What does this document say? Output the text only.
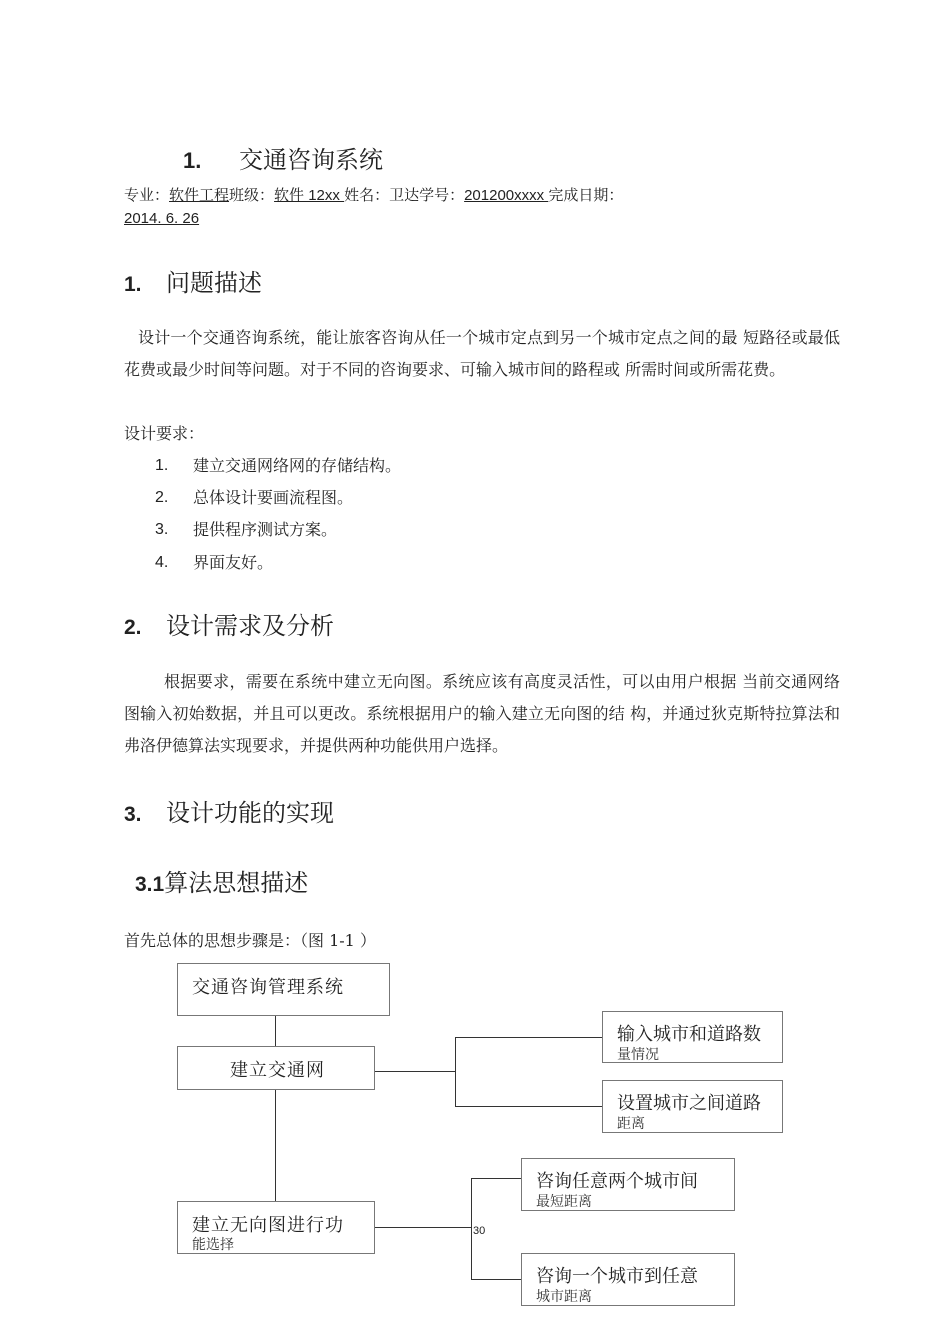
1.	交通咨询系统
专业：软件工程班级：软件 12xx 姓名：卫达学号：201200xxxx 完成日期：
2014. 6. 26
1.	问题描述
设计一个交通咨询系统，能让旅客咨询从任一个城市定点到另一个城市定点之间的最 短路径或最低花费或最少时间等问题。对于不同的咨询要求、可输入城市间的路程或 所需时间或所需花费。
设计要求：
1.	建立交通网络网的存储结构。
2.	总体设计要画流程图。
3.	提供程序测试方案。
4.	界面友好。
2.	设计需求及分析
根据要求，需要在系统中建立无向图。系统应该有高度灵活性，可以由用户根据 当前交通网络图输入初始数据，并且可以更改。系统根据用户的输入建立无向图的结 构，并通过狄克斯特拉算法和弗洛伊德算法实现要求，并提供两种功能供用户选择。
3.	设计功能的实现
3.1算法思想描述
首先总体的思想步骤是：（图 1-1 ）
30
交通咨询管理系统
建立交通网
输入城市和道路数
量情况
设置城市之间道路
距离
建立无向图进行功
能选择
咨询任意两个城市间
最短距离
咨询一个城市到任意
城市距离
